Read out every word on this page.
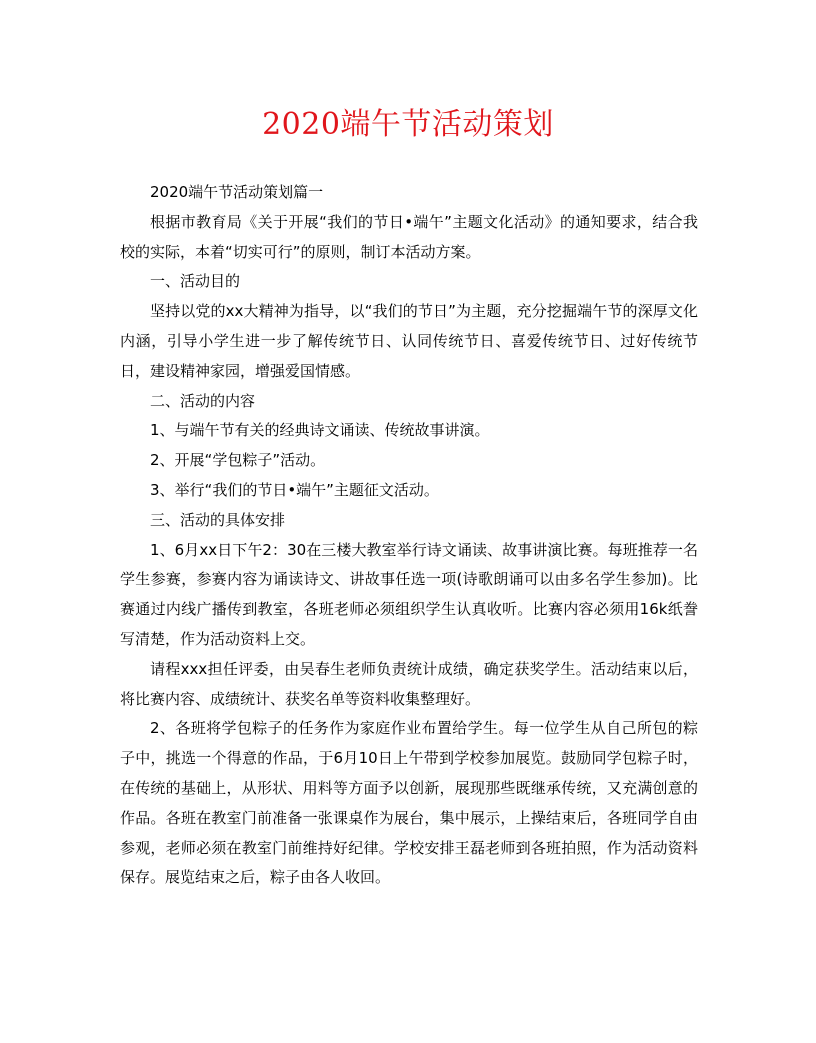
2020端午节活动策划

2020端午节活动策划篇一

根据市教育局《关于开展“我们的节日•端午”主题文化活动》的通知要求，结合我校的实际，本着“切实可行”的原则，制订本活动方案。

一、活动目的

坚持以党的xx大精神为指导，以“我们的节日”为主题，充分挖掘端午节的深厚文化内涵，引导小学生进一步了解传统节日、认同传统节日、喜爱传统节日、过好传统节日，建设精神家园，增强爱国情感。

二、活动的内容

1、与端午节有关的经典诗文诵读、传统故事讲演。

2、开展“学包粽子”活动。

3、举行“我们的节日•端午”主题征文活动。

三、活动的具体安排

1、6月xx日下午2：30在三楼大教室举行诗文诵读、故事讲演比赛。每班推荐一名学生参赛，参赛内容为诵读诗文、讲故事任选一项(诗歌朗诵可以由多名学生参加)。比赛通过内线广播传到教室，各班老师必须组织学生认真收听。比赛内容必须用16k纸誊写清楚，作为活动资料上交。

请程xxx担任评委，由吴春生老师负责统计成绩，确定获奖学生。活动结束以后，将比赛内容、成绩统计、获奖名单等资料收集整理好。

2、各班将学包粽子的任务作为家庭作业布置给学生。每一位学生从自己所包的粽子中，挑选一个得意的作品，于6月10日上午带到学校参加展览。鼓励同学包粽子时，在传统的基础上，从形状、用料等方面予以创新，展现那些既继承传统，又充满创意的作品。各班在教室门前准备一张课桌作为展台，集中展示，上操结束后，各班同学自由参观，老师必须在教室门前维持好纪律。学校安排王磊老师到各班拍照，作为活动资料保存。展览结束之后，粽子由各人收回。
